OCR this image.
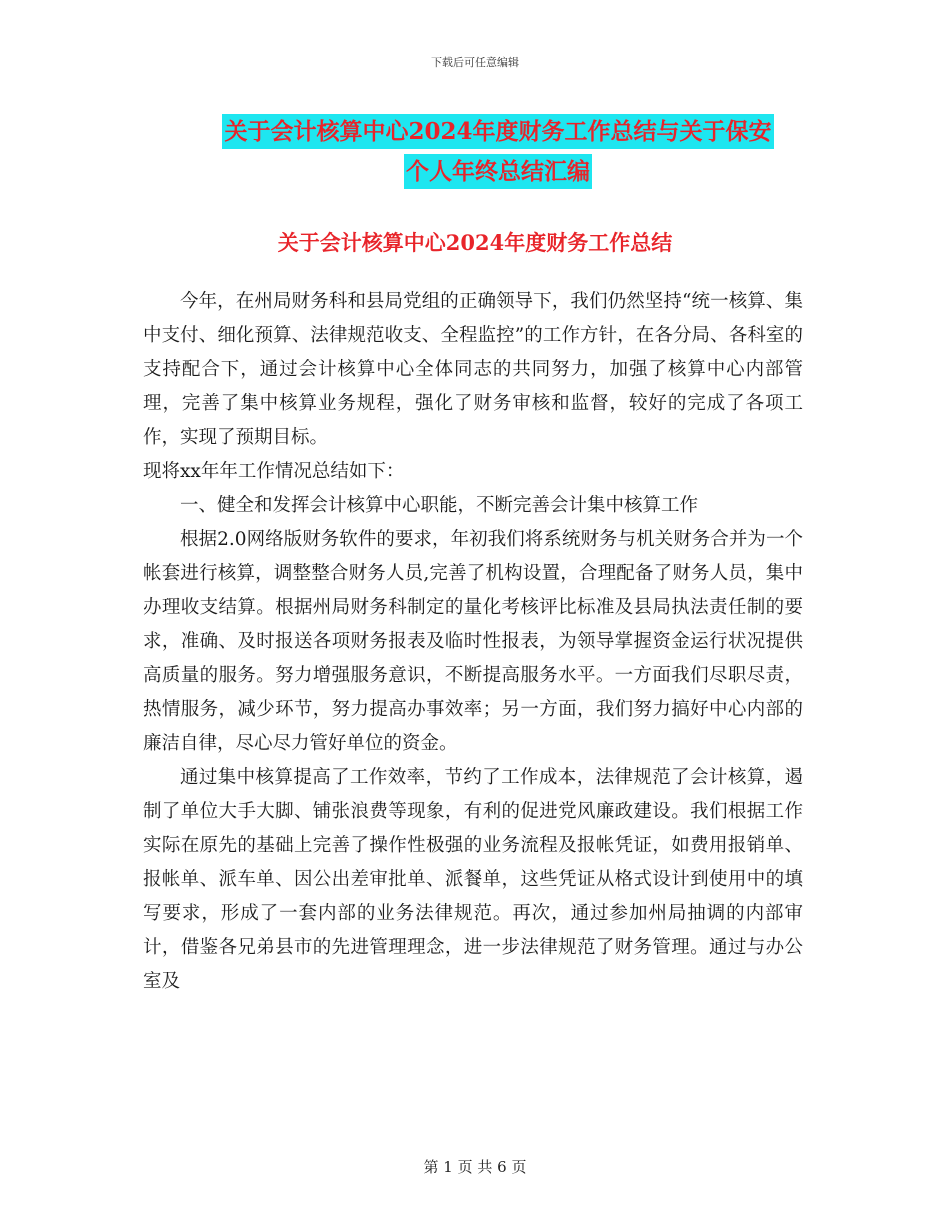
下载后可任意编辑
关于会计核算中心2024年度财务工作总结与关于保安
个人年终总结汇编
关于会计核算中心2024年度财务工作总结

今年，在州局财务科和县局党组的正确领导下，我们仍然坚持“统一核算、集中支付、细化预算、法律规范收支、全程监控”的工作方针，在各分局、各科室的支持配合下，通过会计核算中心全体同志的共同努力，加强了核算中心内部管理，完善了集中核算业务规程，强化了财务审核和监督，较好的完成了各项工作，实现了预期目标。

现将xx年年工作情况总结如下：

一、健全和发挥会计核算中心职能，不断完善会计集中核算工作

根据2.0网络版财务软件的要求，年初我们将系统财务与机关财务合并为一个帐套进行核算，调整整合财务人员,完善了机构设置，合理配备了财务人员，集中办理收支结算。根据州局财务科制定的量化考核评比标准及县局执法责任制的要求，准确、及时报送各项财务报表及临时性报表，为领导掌握资金运行状况提供高质量的服务。努力增强服务意识，不断提高服务水平。一方面我们尽职尽责，热情服务，减少环节，努力提高办事效率；另一方面，我们努力搞好中心内部的廉洁自律，尽心尽力管好单位的资金。

通过集中核算提高了工作效率，节约了工作成本，法律规范了会计核算，遏制了单位大手大脚、铺张浪费等现象，有利的促进党风廉政建设。我们根据工作实际在原先的基础上完善了操作性极强的业务流程及报帐凭证，如费用报销单、报帐单、派车单、因公出差审批单、派餐单，这些凭证从格式设计到使用中的填写要求，形成了一套内部的业务法律规范。再次，通过参加州局抽调的内部审计，借鉴各兄弟县市的先进管理理念，进一步法律规范了财务管理。通过与办公室及

第 1 页 共 6 页
